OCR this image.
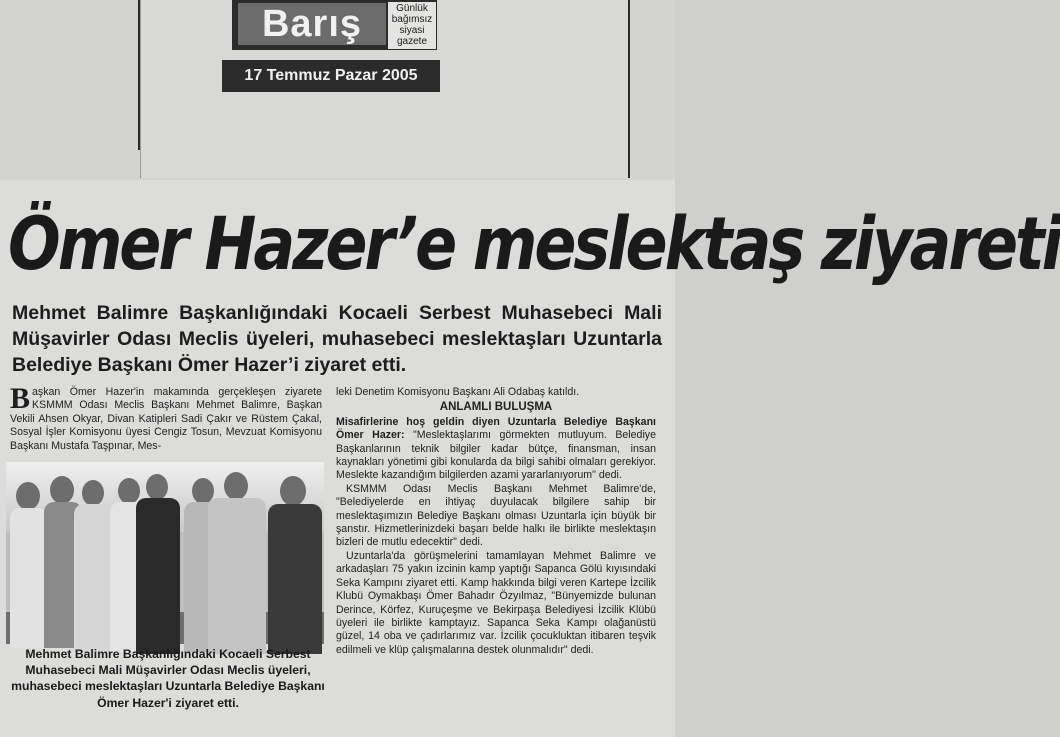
Barış	Günlük
bağımsız
siyasi
gazete
17 Temmuz Pazar 2005
Ömer Hazer’e meslektaş ziyareti
Mehmet Balimre Başkanlığındaki Kocaeli Serbest Muhasebeci Mali Müşavirler Odası Meclis üyeleri, muhasebeci meslektaşları Uzuntarla Belediye Başkanı Ömer Hazer’i ziyaret etti.
Başkan Ömer Hazer'in makamında gerçekleşen ziyarete KSMMM Odası Meclis Başkanı Mehmet Balimre, Başkan Vekili Ahsen Okyar, Divan Katipleri Sadi Çakır ve Rüstem Çakal, Sosyal İşler Komisyonu üyesi Cengiz Tosun, Mevzuat Komisyonu Başkanı Mustafa Taşpınar, Mes-
Mehmet Balimre Başkanlığındaki Kocaeli Serbest Muhasebeci Mali Müşavirler Odası Meclis üyeleri, muhasebeci meslektaşları Uzuntarla Belediye Başkanı Ömer Hazer'i ziyaret etti.

leki Denetim Komisyonu Başkanı Ali Odabaş katıldı.

ANLAMLI BULUŞMA

Misafirlerine hoş geldin diyen Uzuntarla Belediye Başkanı Ömer Hazer: "Meslektaşlarımı görmekten mutluyum. Belediye Başkanlarının teknik bilgiler kadar bütçe, finansman, insan kaynakları yönetimi gibi konularda da bilgi sahibi olmaları gerekiyor. Meslekte kazandığım bilgilerden azami yararlanıyorum" dedi.

KSMMM Odası Meclis Başkanı Mehmet Balimre'de, "Belediyelerde en ihtiyaç duyulacak bilgilere sahip bir meslektaşımızın Belediye Başkanı olması Uzuntarla için büyük bir şanstır. Hizmetlerinizdeki başarı belde halkı ile birlikte meslektaşın bizleri de mutlu edecektir" dedi.

Uzuntarla'da görüşmelerini tamamlayan Mehmet Balimre ve arkadaşları 75 yakın izcinin kamp yaptığı Sapanca Gölü kıyısındaki Seka Kampını ziyaret etti. Kamp hakkında bilgi veren Kartepe İzcilik Klubü Oymakbaşı Ömer Bahadır Özyılmaz, "Bünyemizde bulunan Derince, Körfez, Kuruçeşme ve Bekirpaşa Belediyesi İzcilik Klübü üyeleri ile birlikte kamptayız. Sapanca Seka Kampı olağanüstü güzel, 14 oba ve çadırlarımız var. İzcilik çocukluktan itibaren teşvik edilmeli ve klüp çalışmalarına destek olunmalıdır" dedi.
